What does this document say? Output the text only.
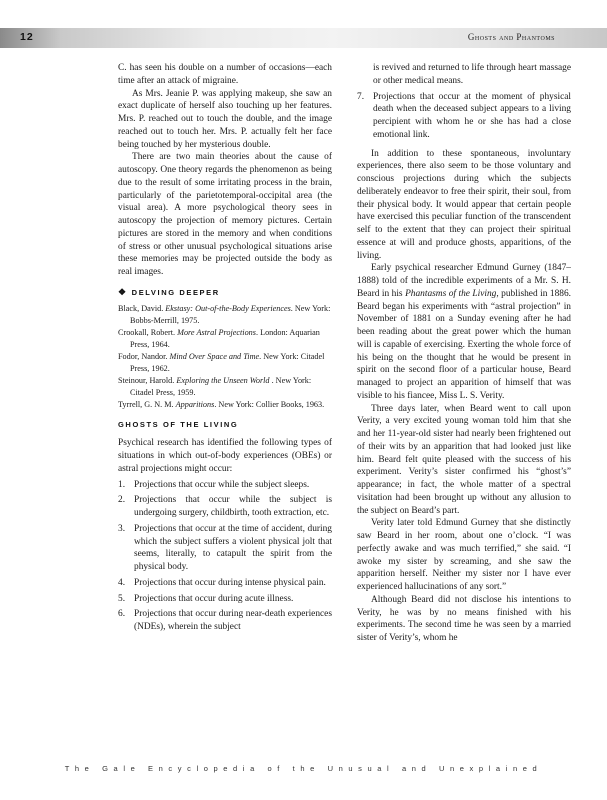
12	Ghosts and Phantoms

C. has seen his double on a number of occasions—each time after an attack of migraine.

As Mrs. Jeanie P. was applying makeup, she saw an exact duplicate of herself also touching up her features. Mrs. P. reached out to touch the double, and the image reached out to touch her. Mrs. P. actually felt her face being touched by her mysterious double.

There are two main theories about the cause of autoscopy. One theory regards the phenomenon as being due to the result of some irritating process in the brain, particularly of the parietotemporal-occipital area (the visual area). A more psychological theory sees in autoscopy the projection of memory pictures. Certain pictures are stored in the memory and when conditions of stress or other unusual psychological situations arise these memories may be projected outside the body as real images.

❖ DELVING DEEPER

Black, David. Ekstasy: Out-of-the-Body Experiences. New York: Bobbs-Merrill, 1975.

Crookall, Robert. More Astral Projections. London: Aquarian Press, 1964.

Fodor, Nandor. Mind Over Space and Time. New York: Citadel Press, 1962.

Steinour, Harold. Exploring the Unseen World . New York: Citadel Press, 1959.

Tyrrell, G. N. M. Apparitions. New York: Collier Books, 1963.

GHOSTS OF THE LIVING

Psychical research has identified the following types of situations in which out-of-body experiences (OBEs) or astral projections might occur:

1. Projections that occur while the subject sleeps.
2. Projections that occur while the subject is undergoing surgery, childbirth, tooth extraction, etc.
3. Projections that occur at the time of accident, during which the subject suffers a violent physical jolt that seems, literally, to catapult the spirit from the physical body.
4. Projections that occur during intense physical pain.
5. Projections that occur during acute illness.
6. Projections that occur during near-death experiences (NDEs), wherein the subject
is revived and returned to life through heart massage or other medical means.
7. Projections that occur at the moment of physical death when the deceased subject appears to a living percipient with whom he or she has had a close emotional link.

In addition to these spontaneous, involuntary experiences, there also seem to be those voluntary and conscious projections during which the subjects deliberately endeavor to free their spirit, their soul, from their physical body. It would appear that certain people have exercised this peculiar function of the transcendent self to the extent that they can project their spiritual essence at will and produce ghosts, apparitions, of the living.

Early psychical researcher Edmund Gurney (1847–1888) told of the incredible experiments of a Mr. S. H. Beard in his Phantasms of the Living, published in 1886. Beard began his experiments with “astral projection” in November of 1881 on a Sunday evening after he had been reading about the great power which the human will is capable of exercising. Exerting the whole force of his being on the thought that he would be present in spirit on the second floor of a particular house, Beard managed to project an apparition of himself that was visible to his fiancee, Miss L. S. Verity.

Three days later, when Beard went to call upon Verity, a very excited young woman told him that she and her 11-year-old sister had nearly been frightened out of their wits by an apparition that had looked just like him. Beard felt quite pleased with the success of his experiment. Verity’s sister confirmed his “ghost’s” appearance; in fact, the whole matter of a spectral visitation had been brought up without any allusion to the subject on Beard’s part.

Verity later told Edmund Gurney that she distinctly saw Beard in her room, about one o’clock. “I was perfectly awake and was much terrified,” she said. “I awoke my sister by screaming, and she saw the apparition herself. Neither my sister nor I have ever experienced hallucinations of any sort.”

Although Beard did not disclose his intentions to Verity, he was by no means finished with his experiments. The second time he was seen by a married sister of Verity’s, whom he

The Gale Encyclopedia of the Unusual and Unexplained
